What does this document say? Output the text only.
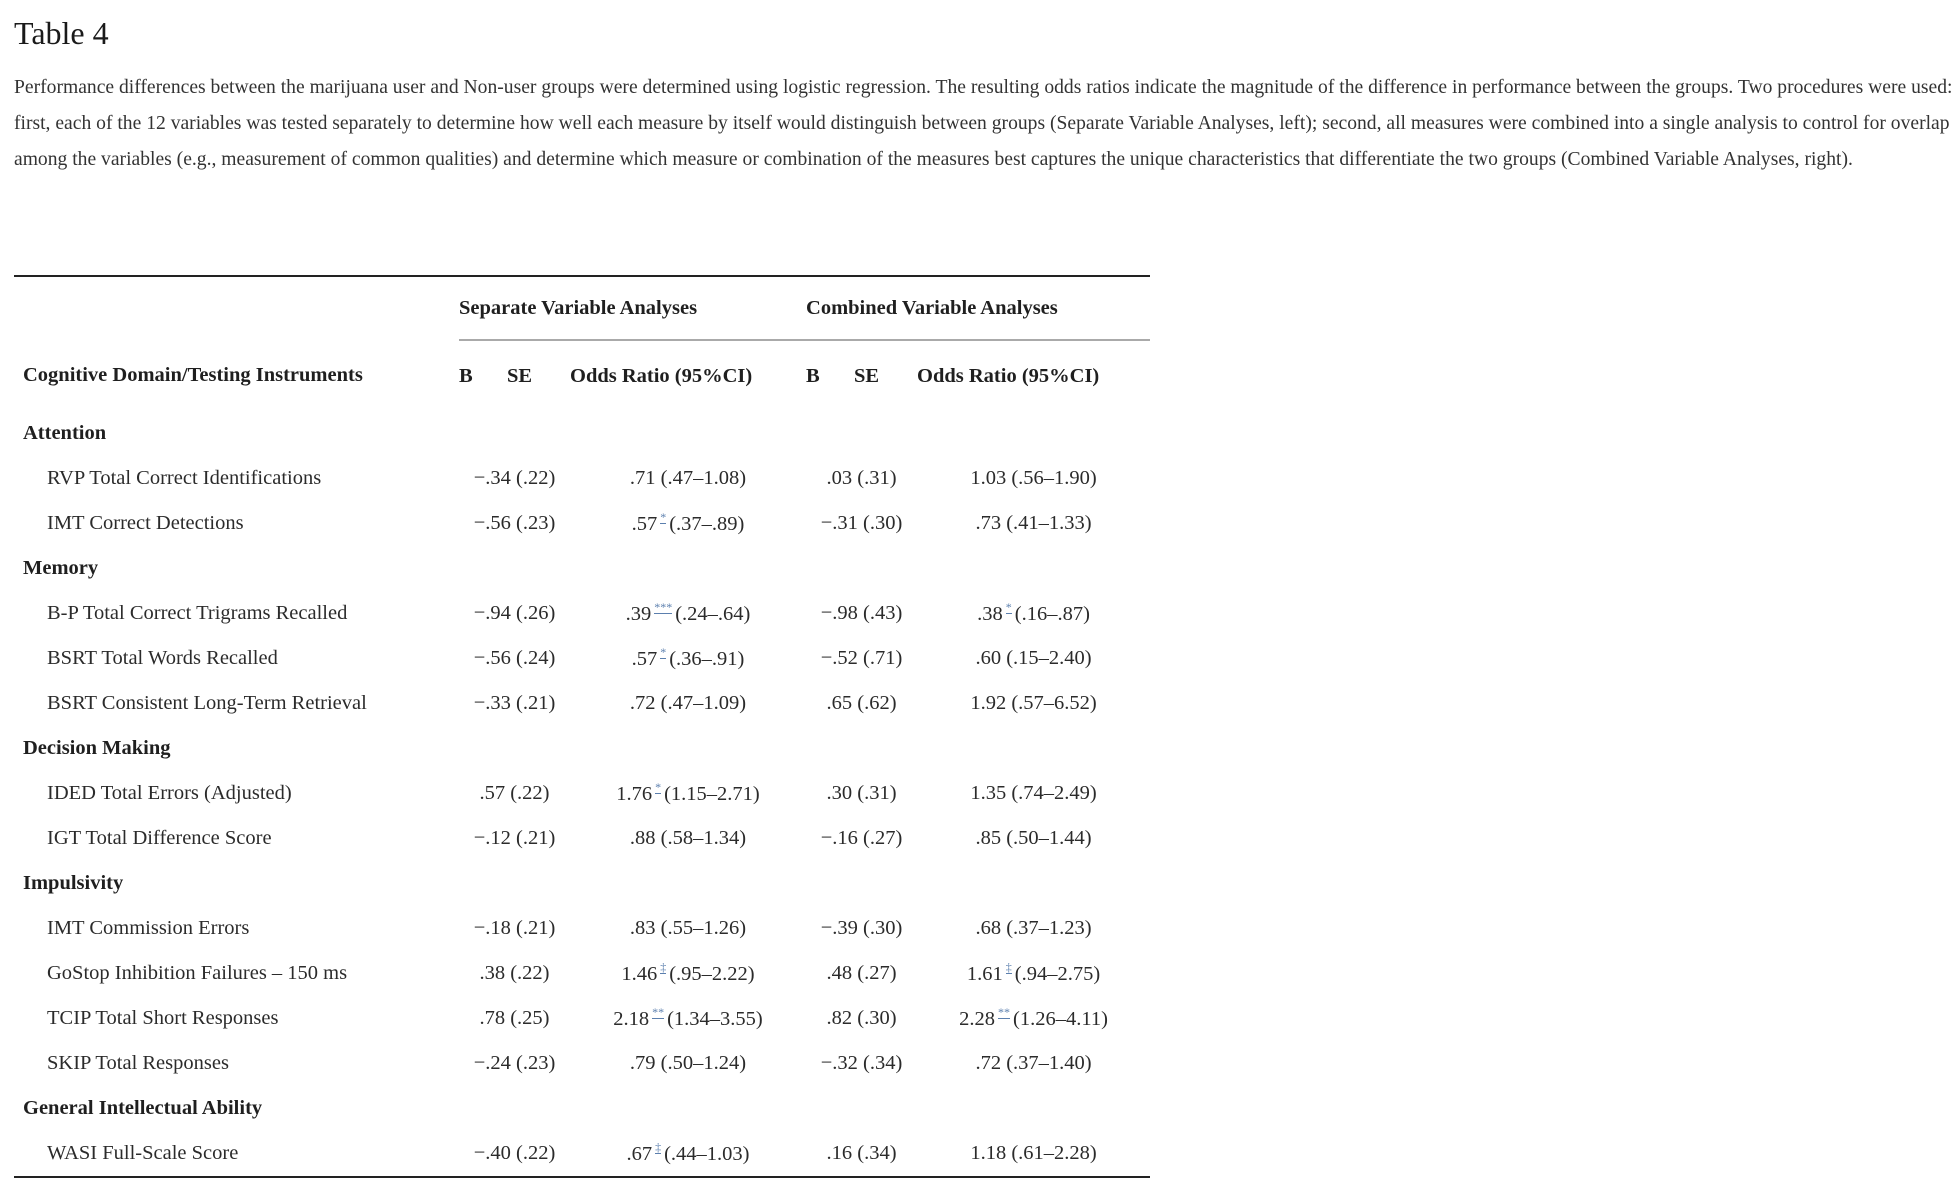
Table 4

Performance differences between the marijuana user and Non-user groups were determined using logistic regression. The resulting odds ratios indicate the magnitude of the difference in performance between the groups. Two procedures were used: first, each of the 12 variables was tested separately to determine how well each measure by itself would distinguish between groups (Separate Variable Analyses, left); second, all measures were combined into a single analysis to control for overlap among the variables (e.g., measurement of common qualities) and determine which measure or combination of the measures best captures the unique characteristics that differentiate the two groups (Combined Variable Analyses, right).

	Separate Variable Analyses			Combined Variable Analyses		
Cognitive Domain/Testing Instruments	B	SE	Odds Ratio (95%CI)	B	SE	Odds Ratio (95%CI)
Attention						
RVP Total Correct Identifications	−.34 (.22)		.71 (.47–1.08)	.03 (.31)		1.03 (.56–1.90)
IMT Correct Detections	−.56 (.23)		.57 * (.37–.89)	−.31 (.30)		.73 (.41–1.33)
Memory						
B-P Total Correct Trigrams Recalled	−.94 (.26)		.39 *** (.24–.64)	−.98 (.43)		.38 * (.16–.87)
BSRT Total Words Recalled	−.56 (.24)		.57 * (.36–.91)	−.52 (.71)		.60 (.15–2.40)
BSRT Consistent Long-Term Retrieval	−.33 (.21)		.72 (.47–1.09)	.65 (.62)		1.92 (.57–6.52)
Decision Making						
IDED Total Errors (Adjusted)	.57 (.22)		1.76 * (1.15–2.71)	.30 (.31)		1.35 (.74–2.49)
IGT Total Difference Score	−.12 (.21)		.88 (.58–1.34)	−.16 (.27)		.85 (.50–1.44)
Impulsivity						
IMT Commission Errors	−.18 (.21)		.83 (.55–1.26)	−.39 (.30)		.68 (.37–1.23)
GoStop Inhibition Failures – 150 ms	.38 (.22)		1.46 ‡ (.95–2.22)	.48 (.27)		1.61 ‡ (.94–2.75)
TCIP Total Short Responses	.78 (.25)		2.18 ** (1.34–3.55)	.82 (.30)		2.28 ** (1.26–4.11)
SKIP Total Responses	−.24 (.23)		.79 (.50–1.24)	−.32 (.34)		.72 (.37–1.40)
General Intellectual Ability						
WASI Full-Scale Score	−.40 (.22)		.67 ‡ (.44–1.03)	.16 (.34)		1.18 (.61–2.28)
